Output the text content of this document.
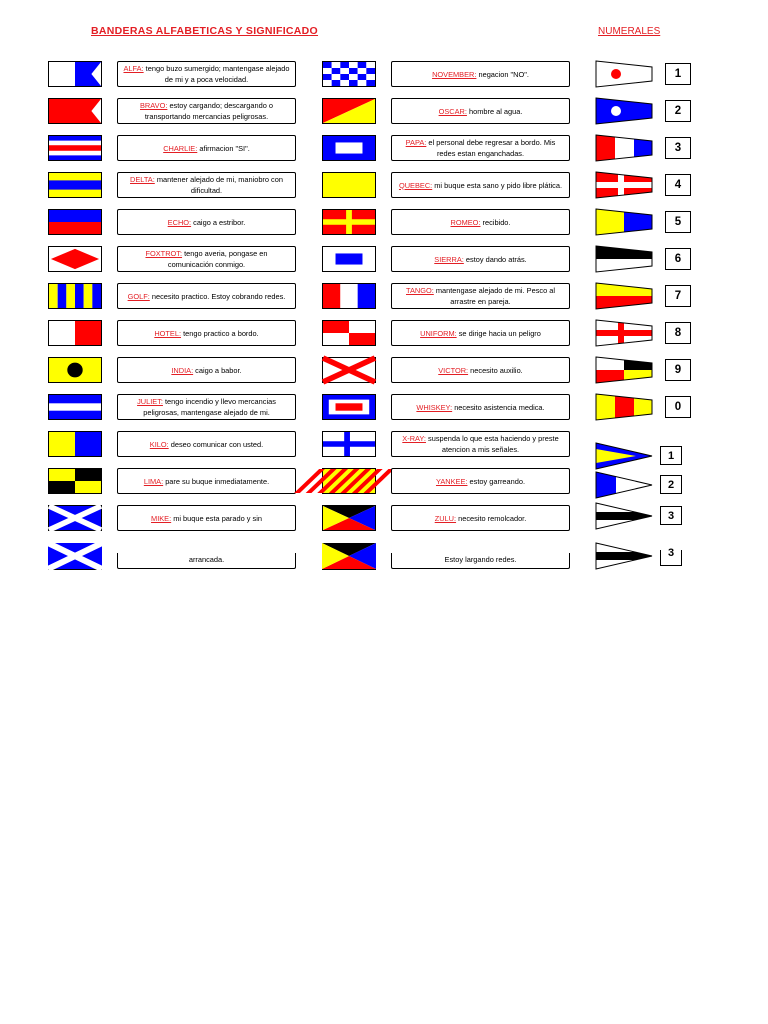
BANDERAS ALFABETICAS Y SIGNIFICADO	NUMERALES
ALFA: tengo buzo sumergido; mantengase alejado de mi y a poca velocidad.
BRAVO: estoy cargando; descargando o transportando mercancias peligrosas.
CHARLIE: afirmacion "SI".
DELTA: mantener alejado de mi, maniobro con dificultad.
ECHO: caigo a estribor.
FOXTROT: tengo averia, pongase en comunicación conmigo.
GOLF: necesito practico. Estoy cobrando redes.
HOTEL: tengo practico a bordo.
INDIA: caigo a babor.
JULIET: tengo incendio y llevo mercancias peligrosas, mantengase alejado de mi.
KILO: deseo comunicar con usted.
LIMA: pare su buque inmediatamente.
MIKE: mi buque esta parado y sin
NOVEMBER: negacion "NO".
OSCAR: hombre al agua.
PAPA: el personal debe regresar a bordo. Mis redes estan enganchadas.
QUEBEC: mi buque esta sano y pido libre plática.
ROMEO: recibido.
SIERRA: estoy dando atrás.
TANGO: mantengase alejado de mi. Pesco al arrastre en pareja.
UNIFORM: se dirige hacia un peligro
VICTOR: necesito auxilio.
WHISKEY: necesito asistencia medica.
X-RAY: suspenda lo que esta haciendo y preste atencion a mis señales.
YANKEE: estoy garreando.
ZULU: necesito remolcador.
1
2
3
4
5
6
7
8
9
0
1
2
3
arrancada.	Estoy largando redes.
3
